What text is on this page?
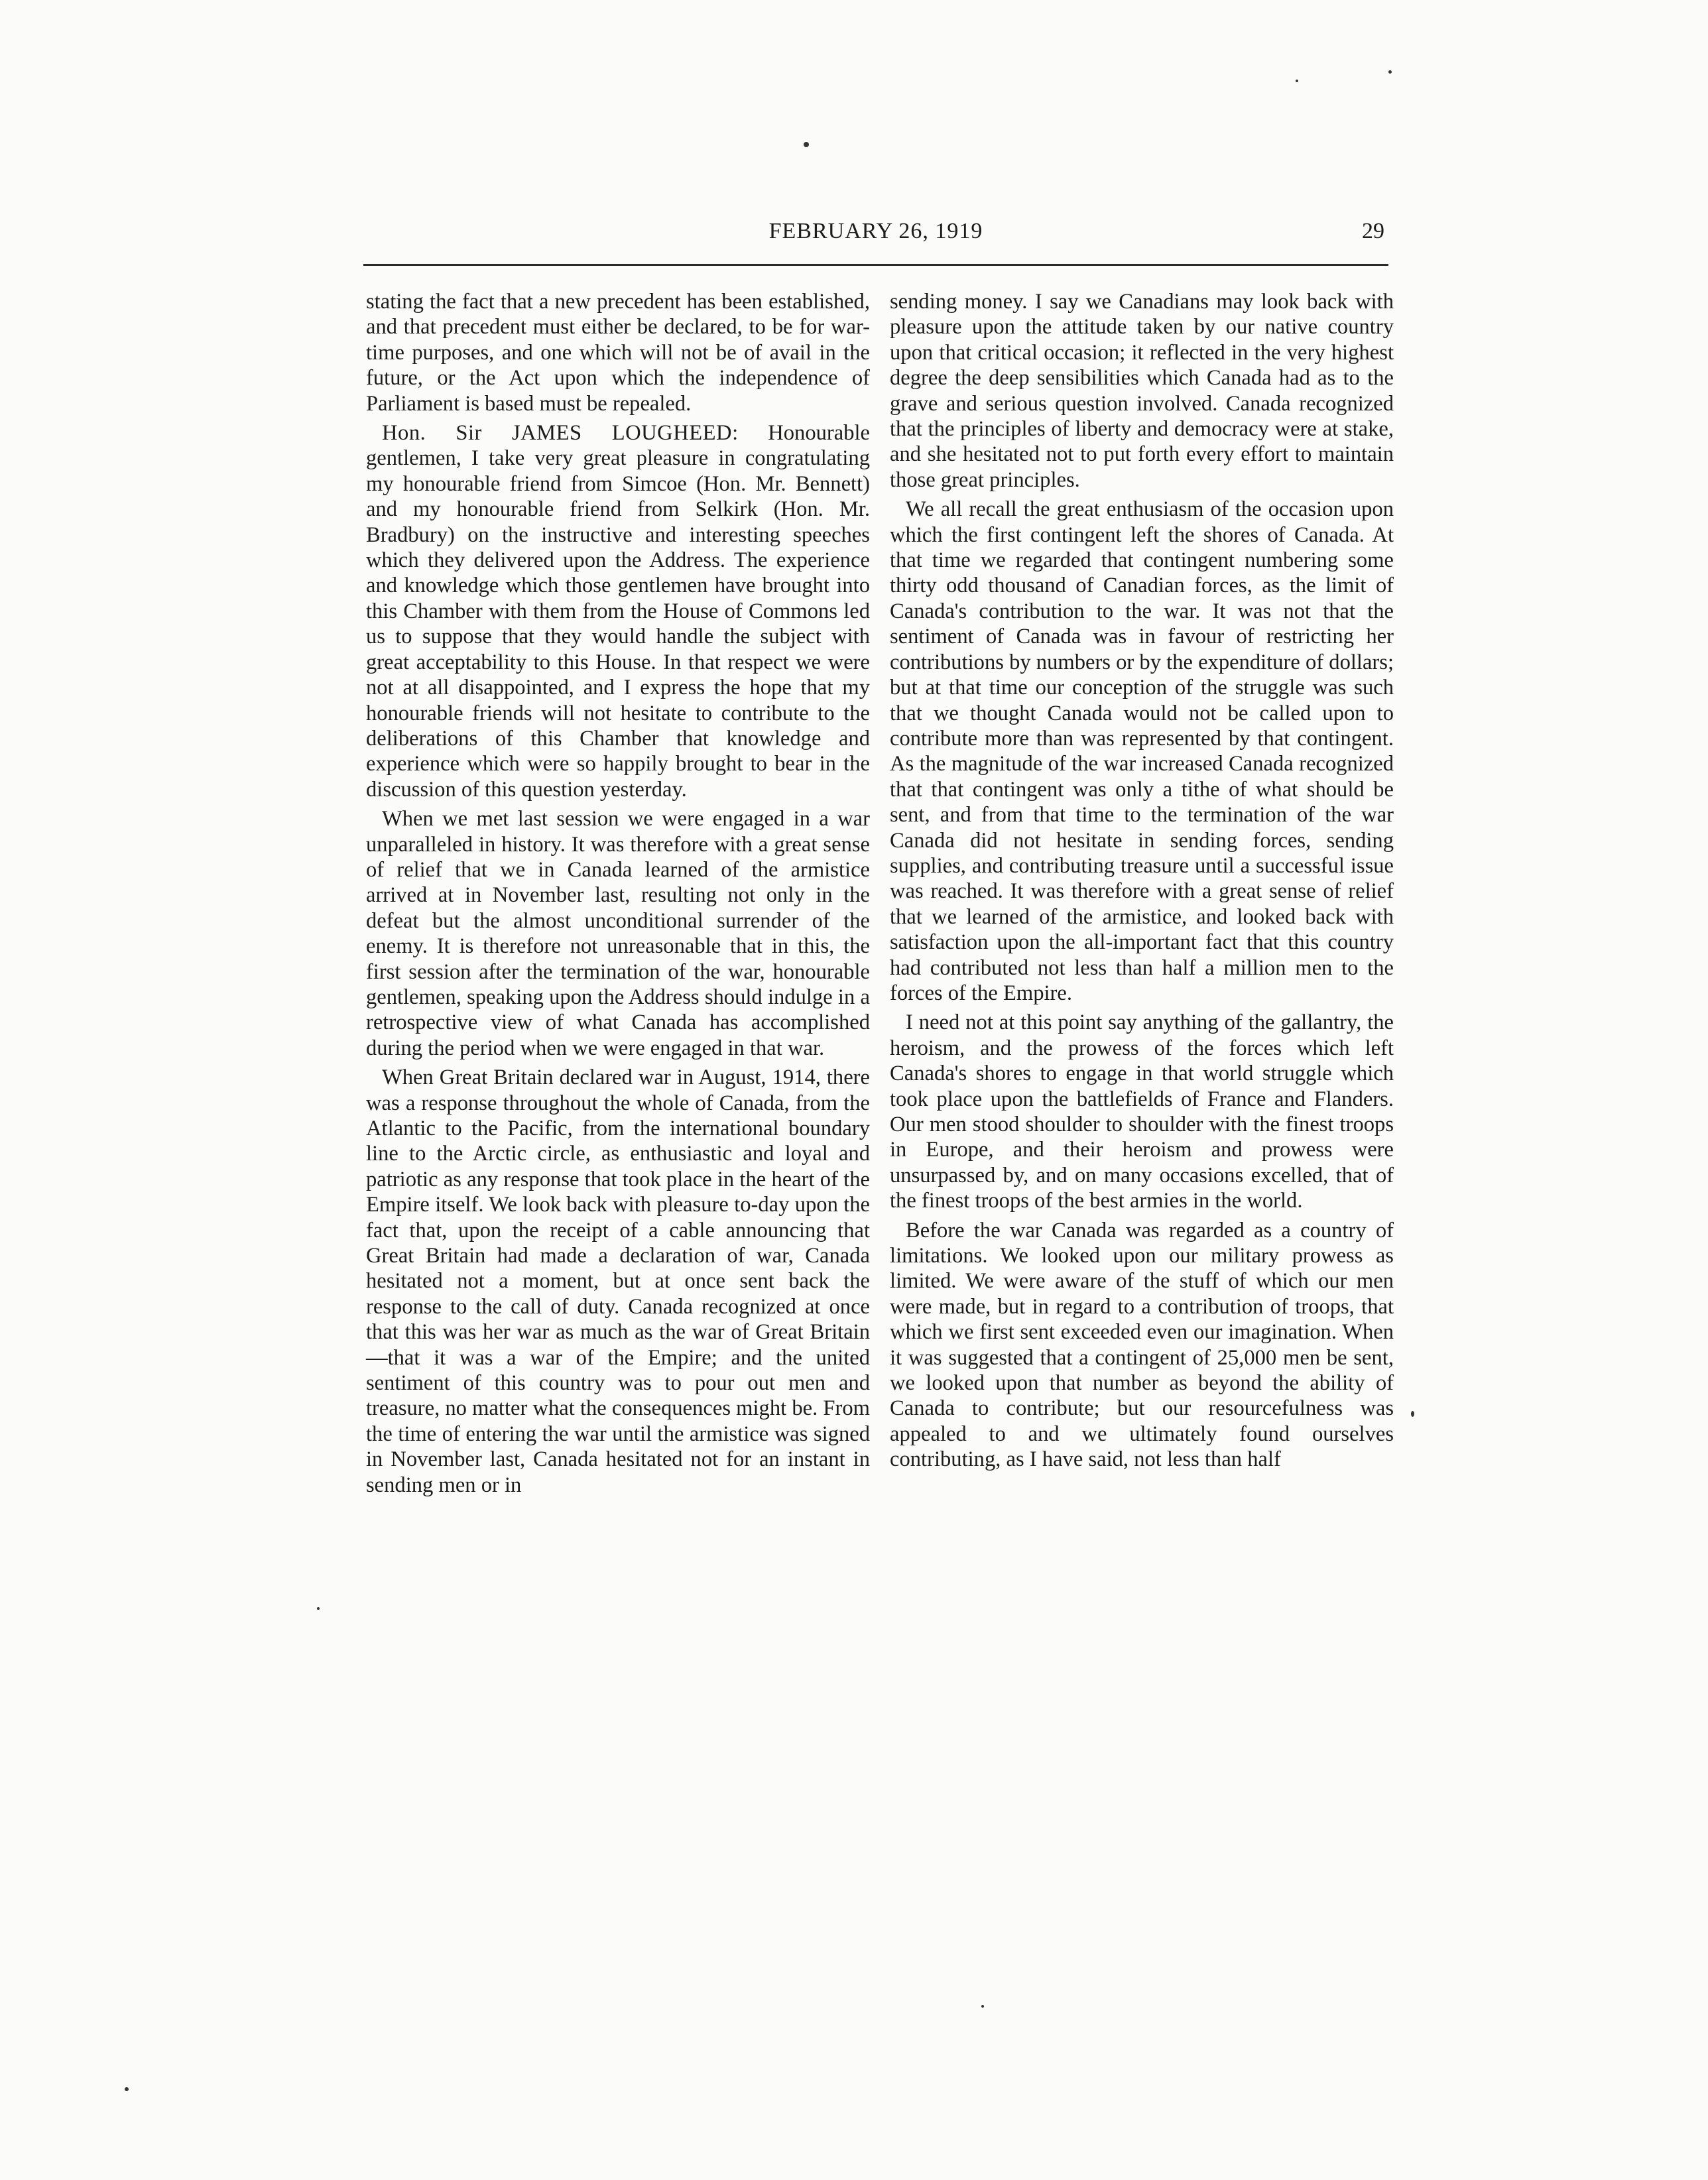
FEBRUARY 26, 1919	29

stating the fact that a new precedent has been established, and that precedent must either be declared, to be for war-time purposes, and one which will not be of avail in the future, or the Act upon which the independence of Parliament is based must be repealed.

Hon. Sir JAMES LOUGHEED: Honourable gentlemen, I take very great pleasure in congratulating my honourable friend from Simcoe (Hon. Mr. Bennett) and my honourable friend from Selkirk (Hon. Mr. Bradbury) on the instructive and interesting speeches which they delivered upon the Address. The experience and knowledge which those gentlemen have brought into this Chamber with them from the House of Commons led us to suppose that they would handle the subject with great acceptability to this House. In that respect we were not at all disappointed, and I express the hope that my honourable friends will not hesitate to contribute to the deliberations of this Chamber that knowledge and experience which were so happily brought to bear in the discussion of this question yesterday.

When we met last session we were engaged in a war unparalleled in history. It was therefore with a great sense of relief that we in Canada learned of the armistice arrived at in November last, resulting not only in the defeat but the almost unconditional surrender of the enemy. It is therefore not unreasonable that in this, the first session after the termination of the war, honourable gentlemen, speaking upon the Address should indulge in a retrospective view of what Canada has accomplished during the period when we were engaged in that war.

When Great Britain declared war in August, 1914, there was a response throughout the whole of Canada, from the Atlantic to the Pacific, from the international boundary line to the Arctic circle, as enthusiastic and loyal and patriotic as any response that took place in the heart of the Empire itself. We look back with pleasure to-day upon the fact that, upon the receipt of a cable announcing that Great Britain had made a declaration of war, Canada hesitated not a moment, but at once sent back the response to the call of duty. Canada recognized at once that this was her war as much as the war of Great Britain —that it was a war of the Empire; and the united sentiment of this country was to pour out men and treasure, no matter what the consequences might be. From the time of entering the war until the armistice was signed in November last, Canada hesitated not for an instant in sending men or in

sending money. I say we Canadians may look back with pleasure upon the attitude taken by our native country upon that critical occasion; it reflected in the very highest degree the deep sensibilities which Canada had as to the grave and serious question involved. Canada recognized that the principles of liberty and democracy were at stake, and she hesitated not to put forth every effort to maintain those great principles.

We all recall the great enthusiasm of the occasion upon which the first contingent left the shores of Canada. At that time we regarded that contingent numbering some thirty odd thousand of Canadian forces, as the limit of Canada's contribution to the war. It was not that the sentiment of Canada was in favour of restricting her contributions by numbers or by the expenditure of dollars; but at that time our conception of the struggle was such that we thought Canada would not be called upon to contribute more than was represented by that contingent. As the magnitude of the war increased Canada recognized that that contingent was only a tithe of what should be sent, and from that time to the termination of the war Canada did not hesitate in sending forces, sending supplies, and contributing treasure until a successful issue was reached. It was therefore with a great sense of relief that we learned of the armistice, and looked back with satisfaction upon the all-important fact that this country had contributed not less than half a million men to the forces of the Empire.

I need not at this point say anything of the gallantry, the heroism, and the prowess of the forces which left Canada's shores to engage in that world struggle which took place upon the battlefields of France and Flanders. Our men stood shoulder to shoulder with the finest troops in Europe, and their heroism and prowess were unsurpassed by, and on many occasions excelled, that of the finest troops of the best armies in the world.

Before the war Canada was regarded as a country of limitations. We looked upon our military prowess as limited. We were aware of the stuff of which our men were made, but in regard to a contribution of troops, that which we first sent exceeded even our imagination. When it was suggested that a contingent of 25,000 men be sent, we looked upon that number as beyond the ability of Canada to contribute; but our resourcefulness was appealed to and we ultimately found ourselves contributing, as I have said, not less than half
